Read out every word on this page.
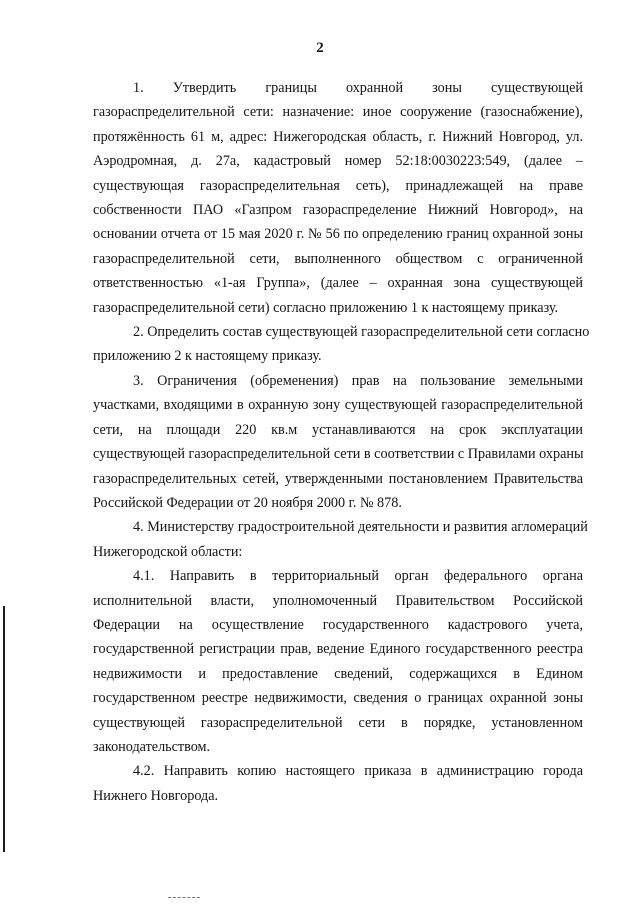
2
1. Утвердить границы охранной зоны существующей
газораспределительной сети: назначение: иное сооружение (газоснабжение),
протяжённость 61 м, адрес: Нижегородская область, г. Нижний Новгород, ул.
Аэродромная, д. 27а, кадастровый номер 52:18:0030223:549, (далее –
существующая газораспределительная сеть), принадлежащей на праве
собственности ПАО «Газпром газораспределение Нижний Новгород», на
основании отчета от 15 мая 2020 г. № 56 по определению границ охранной зоны
газораспределительной сети, выполненного обществом с ограниченной
ответственностью «1-ая Группа», (далее – охранная зона существующей
газораспределительной сети) согласно приложению 1 к настоящему приказу.
2. Определить состав существующей газораспределительной сети согласно
приложению 2 к настоящему приказу.
3. Ограничения (обременения) прав на пользование земельными
участками, входящими в охранную зону существующей газораспределительной
сети, на площади 220 кв.м устанавливаются на срок эксплуатации
существующей газораспределительной сети в соответствии с Правилами охраны
газораспределительных сетей, утвержденными постановлением Правительства
Российской Федерации от 20 ноября 2000 г. № 878.
4. Министерству градостроительной деятельности и развития агломераций
Нижегородской области:
4.1. Направить в территориальный орган федерального органа
исполнительной власти, уполномоченный Правительством Российской
Федерации на осуществление государственного кадастрового учета,
государственной регистрации прав, ведение Единого государственного реестра
недвижимости и предоставление сведений, содержащихся в Едином
государственном реестре недвижимости, сведения о границах охранной зоны
существующей газораспределительной сети в порядке, установленном
законодательством.
4.2. Направить копию настоящего приказа в администрацию города
Нижнего Новгорода.
